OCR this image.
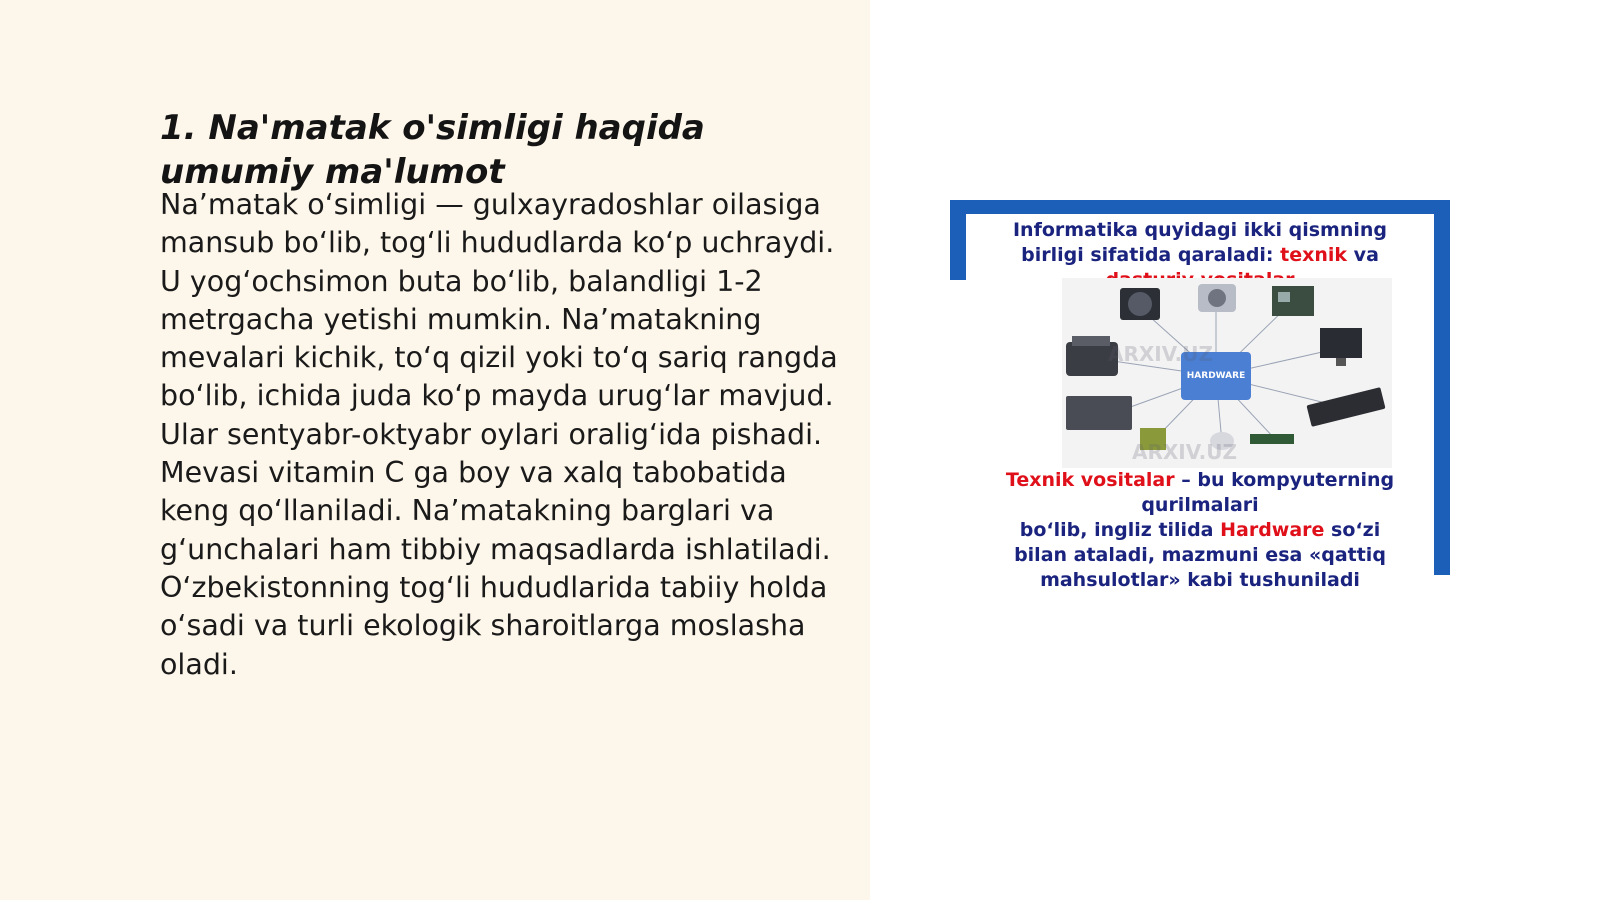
1. Na'matak o'simligi haqida umumiy ma'lumot

Na’matak o‘simligi — gulxayradoshlar oilasiga mansub bo‘lib, tog‘li hududlarda ko‘p uchraydi. U yog‘ochsimon buta bo‘lib, balandligi 1-2 metrgacha yetishi mumkin. Na’matakning mevalari kichik, to‘q qizil yoki to‘q sariq rangda bo‘lib, ichida juda ko‘p mayda urug‘lar mavjud. Ular sentyabr-oktyabr oylari oralig‘ida pishadi. Mevasi vitamin C ga boy va xalq tabobatida keng qo‘llaniladi. Na’matakning barglari va g‘unchalari ham tibbiy maqsadlarda ishlatiladi. O‘zbekistonning tog‘li hududlarida tabiiy holda o‘sadi va turli ekologik sharoitlarga moslasha oladi.

Informatika quyidagi ikki qismning
birligi sifatida qaraladi: texnik va
HARDWARE
ARXIV.UZ
ARXIV.UZ
Texnik vositalar – bu kompyuterning
qurilmalari
bo‘lib, ingliz tilida Hardware so‘zi
bilan ataladi, mazmuni esa «qattiq
mahsulotlar» kabi tushuniladi
